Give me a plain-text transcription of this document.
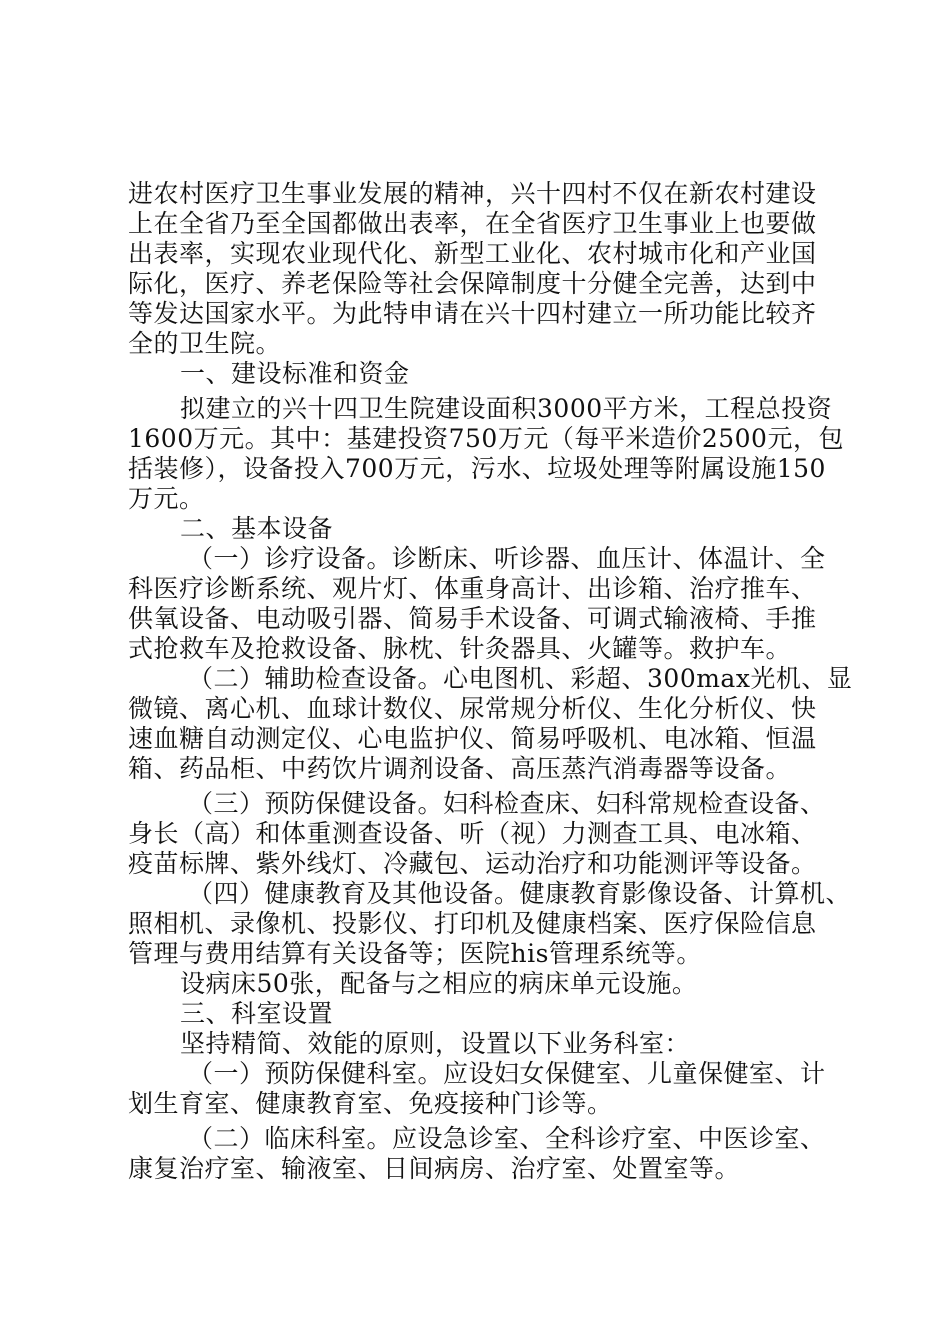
进农村医疗卫生事业发展的精神，兴十四村不仅在新农村建设
上在全省乃至全国都做出表率，在全省医疗卫生事业上也要做
出表率，实现农业现代化、新型工业化、农村城市化和产业国
际化，医疗、养老保险等社会保障制度十分健全完善，达到中
等发达国家水平。为此特申请在兴十四村建立一所功能比较齐
全的卫生院。
一、建设标准和资金
拟建立的兴十四卫生院建设面积3000平方米，工程总投资
1600万元。其中：基建投资750万元（每平米造价2500元，包
括装修），设备投入700万元，污水、垃圾处理等附属设施150
万元。
二、基本设备
（一）诊疗设备。诊断床、听诊器、血压计、体温计、全
科医疗诊断系统、观片灯、体重身高计、出诊箱、治疗推车、
供氧设备、电动吸引器、简易手术设备、可调式输液椅、手推
式抢救车及抢救设备、脉枕、针灸器具、火罐等。救护车。
（二）辅助检查设备。心电图机、彩超、300max光机、显
微镜、离心机、血球计数仪、尿常规分析仪、生化分析仪、快
速血糖自动测定仪、心电监护仪、简易呼吸机、电冰箱、恒温
箱、药品柜、中药饮片调剂设备、高压蒸汽消毒器等设备。
（三）预防保健设备。妇科检查床、妇科常规检查设备、
身长（高）和体重测查设备、听（视）力测查工具、电冰箱、
疫苗标牌、紫外线灯、冷藏包、运动治疗和功能测评等设备。
（四）健康教育及其他设备。健康教育影像设备、计算机、
照相机、录像机、投影仪、打印机及健康档案、医疗保险信息
管理与费用结算有关设备等；医院his管理系统等。
设病床50张，配备与之相应的病床单元设施。
三、科室设置
坚持精简、效能的原则，设置以下业务科室：
（一）预防保健科室。应设妇女保健室、儿童保健室、计
划生育室、健康教育室、免疫接种门诊等。
（二）临床科室。应设急诊室、全科诊疗室、中医诊室、
康复治疗室、输液室、日间病房、治疗室、处置室等。
